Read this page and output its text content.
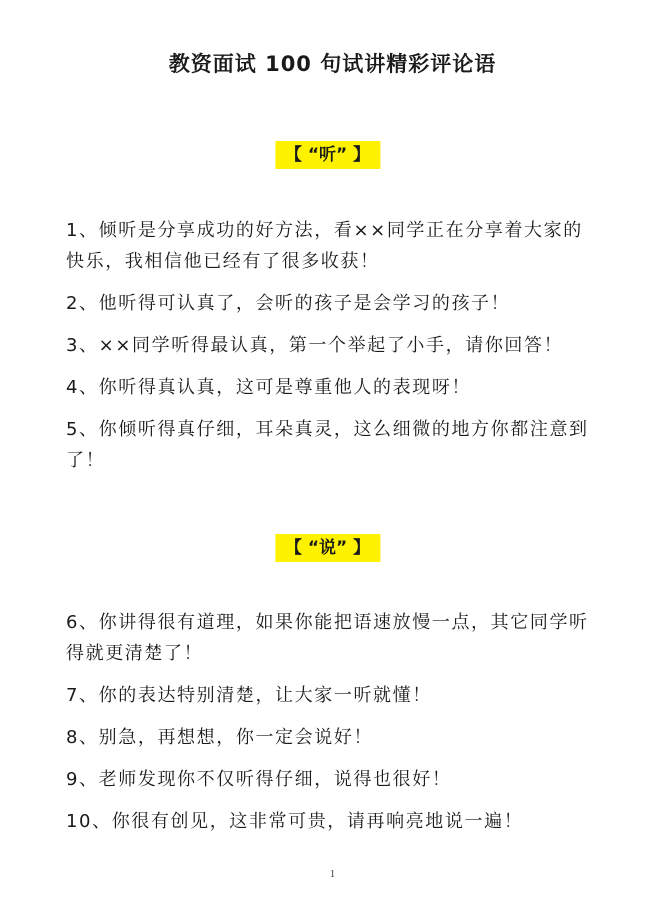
教资面试 100 句试讲精彩评论语
【 “听” 】
1、倾听是分享成功的好方法，看××同学正在分享着大家的快乐，我相信他已经有了很多收获！
2、他听得可认真了，会听的孩子是会学习的孩子！
3、××同学听得最认真，第一个举起了小手，请你回答！
4、你听得真认真，这可是尊重他人的表现呀！
5、你倾听得真仔细，耳朵真灵，这么细微的地方你都注意到了！
【 “说” 】
6、你讲得很有道理，如果你能把语速放慢一点，其它同学听得就更清楚了！
7、你的表达特别清楚，让大家一听就懂！
8、别急，再想想，你一定会说好！
9、老师发现你不仅听得仔细，说得也很好！
10、你很有创见，这非常可贵，请再响亮地说一遍！
1
